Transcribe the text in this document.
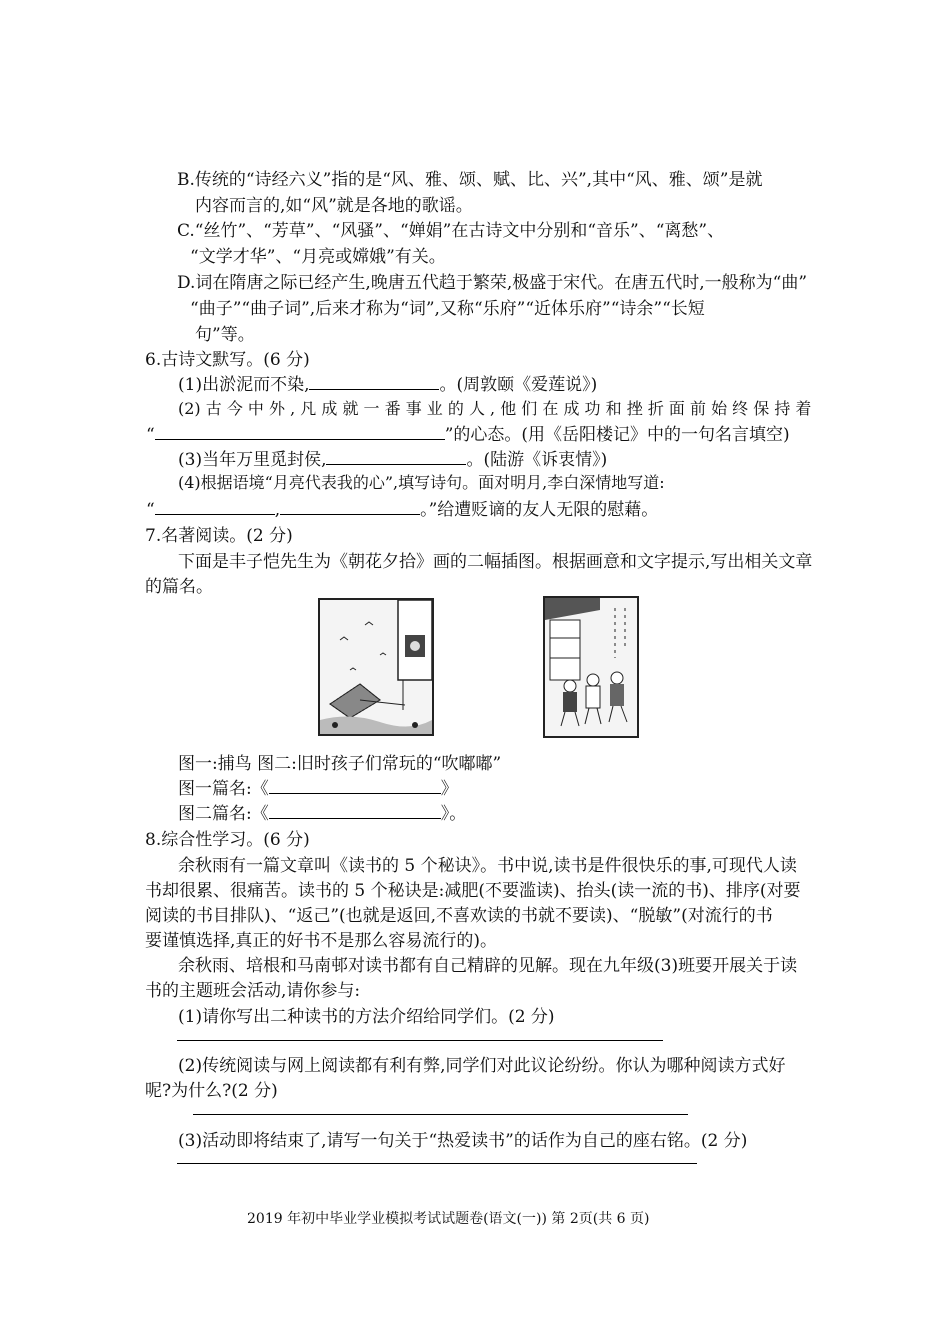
B.传统的“诗经六义”指的是“风、雅、颂、赋、比、兴”,其中“风、雅、颂”是就
内容而言的,如“风”就是各地的歌谣。
C.“丝竹”、“芳草”、“风骚”、“婵娟”在古诗文中分别和“音乐”、“离愁”、
“文学才华”、“月亮或嫦娥”有关。
D.词在隋唐之际已经产生,晚唐五代趋于繁荣,极盛于宋代。在唐五代时,一般称为“曲”
“曲子”“曲子词”,后来才称为“词”,又称“乐府”“近体乐府”“诗余”“长短
句”等。
6.古诗文默写。(6 分)
(1)出淤泥而不染,	。(周敦颐《爱莲说》)
(2) 古 今 中 外 , 凡 成 就 一 番 事 业 的 人 , 他 们 在 成 功 和 挫 折 面 前 始 终 保 持 着
“	”的心态。(用《岳阳楼记》中的一句名言填空)
(3)当年万里觅封侯,	。(陆游《诉衷情》)
(4)根据语境“月亮代表我的心”,填写诗句。面对明月,李白深情地写道:
“	,	。”给遭贬谪的友人无限的慰藉。
7.名著阅读。(2 分)
下面是丰子恺先生为《朝花夕拾》画的二幅插图。根据画意和文字提示,写出相关文章
的篇名。
图一:捕鸟 图二:旧时孩子们常玩的“吹嘟嘟”
图一篇名:《	》
图二篇名:《	》。
8.综合性学习。(6 分)
余秋雨有一篇文章叫《读书的 5 个秘诀》。书中说,读书是件很快乐的事,可现代人读
书却很累、很痛苦。读书的 5 个秘诀是:减肥(不要滥读)、抬头(读一流的书)、排序(对要
阅读的书目排队)、“返己”(也就是返回,不喜欢读的书就不要读)、“脱敏”(对流行的书
要谨慎选择,真正的好书不是那么容易流行的)。
余秋雨、培根和马南邨对读书都有自己精辟的见解。现在九年级(3)班要开展关于读
书的主题班会活动,请你参与:
(1)请你写出二种读书的方法介绍给同学们。(2 分)
(2)传统阅读与网上阅读都有利有弊,同学们对此议论纷纷。你认为哪种阅读方式好
呢?为什么?(2 分)
(3)活动即将结束了,请写一句关于“热爱读书”的话作为自己的座右铭。(2 分)
2019 年初中毕业学业模拟考试试题卷(语文(一)) 第 2页(共 6 页)
